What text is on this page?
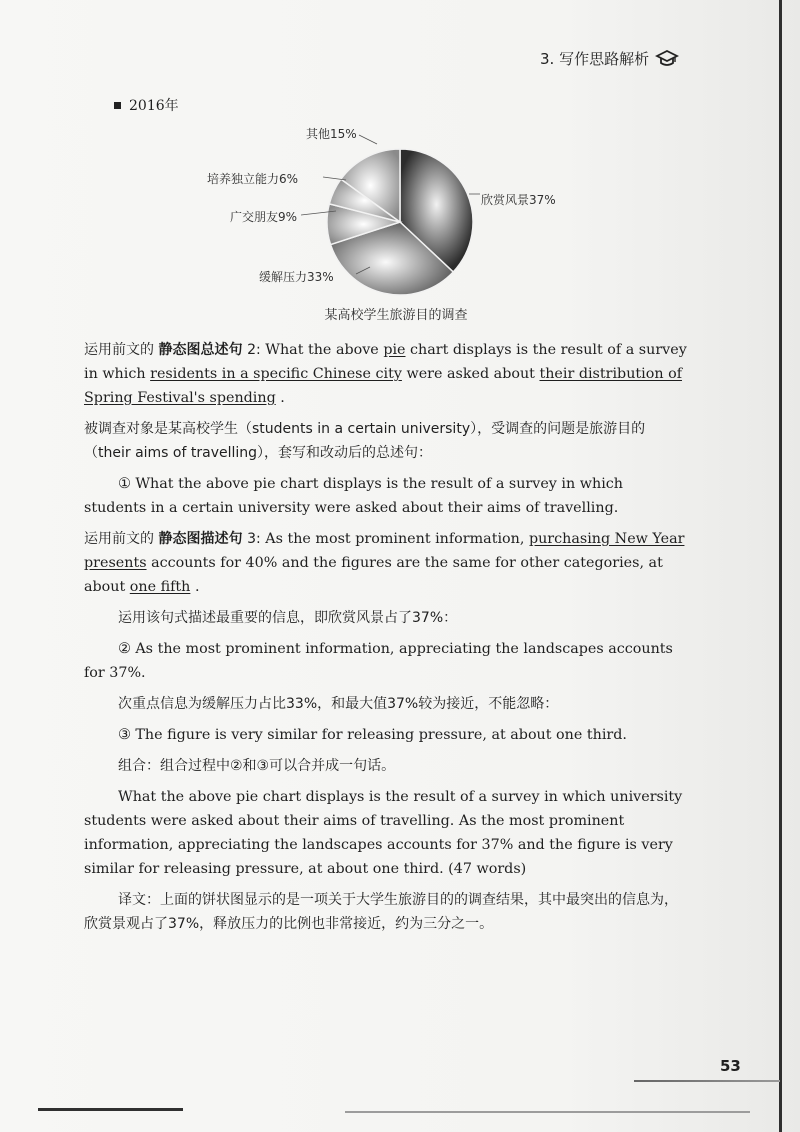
3. 写作思路解析
2016年
其他15%
培养独立能力6%
广交朋友9%
欣赏风景37%
缓解压力33%
某高校学生旅游目的调查

运用前文的 静态图总述句 2: What the above pie chart displays is the result of a survey in which residents in a specific Chinese city were asked about their distribution of Spring Festival's spending .

被调查对象是某高校学生（students in a certain university），受调查的问题是旅游目的（their aims of travelling），套写和改动后的总述句：

① What the above pie chart displays is the result of a survey in which students in a certain university were asked about their aims of travelling.

运用前文的 静态图描述句 3: As the most prominent information, purchasing New Year presents accounts for 40% and the figures are the same for other categories, at about one fifth .

运用该句式描述最重要的信息，即欣赏风景占了37%：

② As the most prominent information, appreciating the landscapes accounts for 37%.

次重点信息为缓解压力占比33%，和最大值37%较为接近，不能忽略：

③ The figure is very similar for releasing pressure, at about one third.

组合：组合过程中②和③可以合并成一句话。

What the above pie chart displays is the result of a survey in which university students were asked about their aims of travelling. As the most prominent information, appreciating the landscapes accounts for 37% and the figure is very similar for releasing pressure, at about one third. (47 words)

译文：上面的饼状图显示的是一项关于大学生旅游目的的调查结果，其中最突出的信息为，欣赏景观占了37%，释放压力的比例也非常接近，约为三分之一。

53
